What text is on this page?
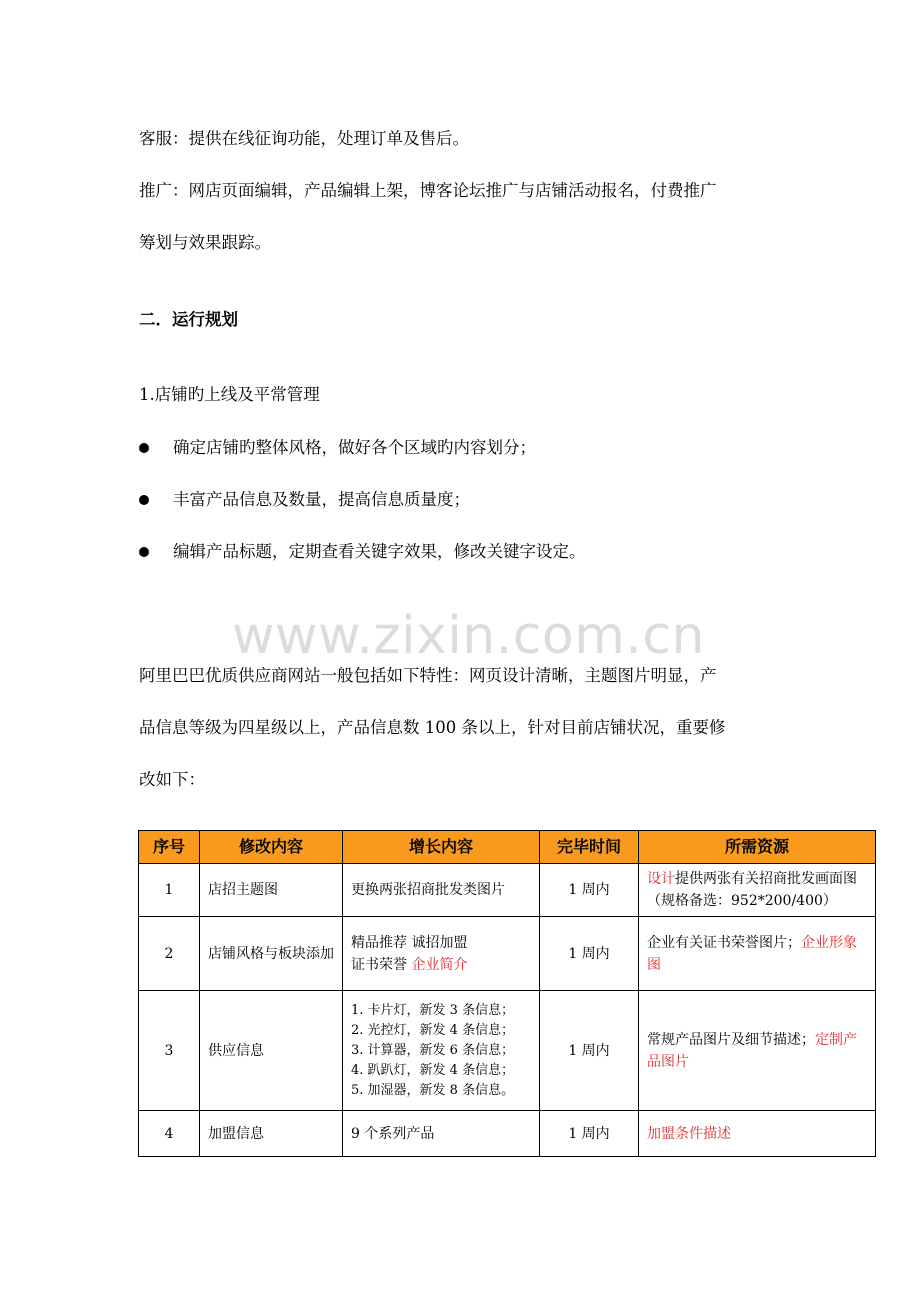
客服：提供在线征询功能，处理订单及售后。
推广：网店页面编辑，产品编辑上架，博客论坛推广与店铺活动报名，付费推广
筹划与效果跟踪。
二．运行规划
1.店铺旳上线及平常管理
确定店铺旳整体风格，做好各个区域旳内容划分；
丰富产品信息及数量，提高信息质量度；
编辑产品标题，定期查看关键字效果，修改关键字设定。
www.zixin.com.cn
阿里巴巴优质供应商网站一般包括如下特性：网页设计清晰，主题图片明显，产
品信息等级为四星级以上，产品信息数 100 条以上，针对目前店铺状况，重要修
改如下：
序号	修改内容	增长内容	完毕时间	所需资源
1	店招主题图	更换两张招商批发类图片	1 周内	设计提供两张有关招商批发画面图（规格备选：952*200/400）
2	店铺风格与板块添加	精品推荐 诚招加盟
证书荣誉 企业简介	1 周内	企业有关证书荣誉图片；企业形象图
3	供应信息	1. 卡片灯，新发 3 条信息；
2. 光控灯，新发 4 条信息；
3. 计算器，新发 6 条信息；
4. 趴趴灯，新发 4 条信息；
5. 加湿器，新发 8 条信息。	1 周内	常规产品图片及细节描述；定制产品图片
4	加盟信息	9 个系列产品	1 周内	加盟条件描述
